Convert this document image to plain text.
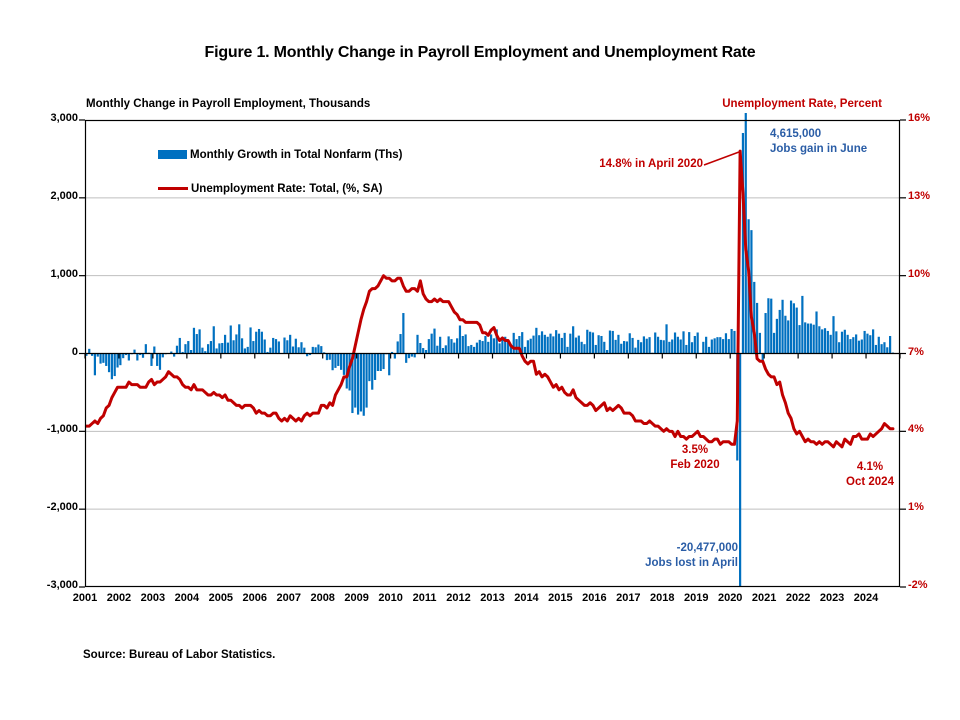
Figure 1. Monthly Change in Payroll Employment and Unemployment Rate
Monthly Change in Payroll Employment, Thousands	Unemployment Rate, Percent
Monthly Growth in Total Nonfarm (Ths)
Unemployment Rate: Total, (%, SA)
14.8% in April 2020
4,615,000
Jobs gain in June
3.5%
Feb 2020	4.1%
Oct 2024
-20,477,000
Jobs lost in April
Source: Bureau of Labor Statistics.
3,000
2,000
1,000
0
-1,000
-2,000
-3,000
16%
13%
10%
7%
4%
1%
-2%
2001 2002 2003 2004 2005 2006 2007 2008 2009 2010 2011 2012 2013 2014 2015 2016 2017 2018 2019 2020 2021 2022 2023 2024
